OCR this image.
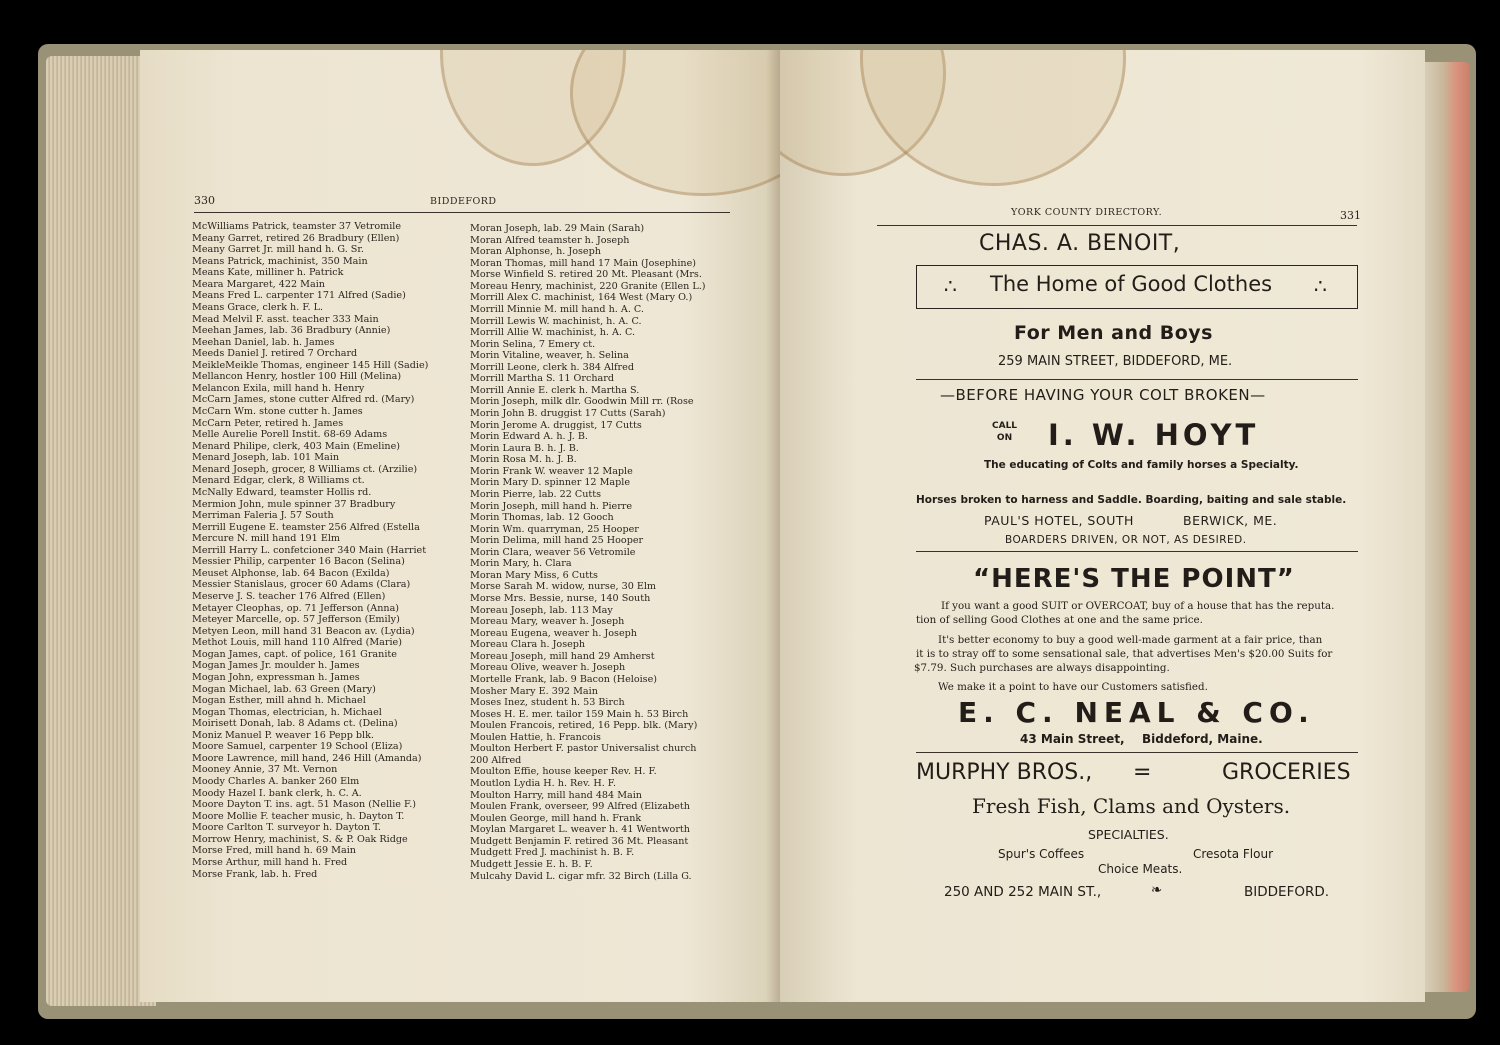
330	BIDDEFORD
McWilliams Patrick, teamster 37 Vetromile
Meany Garret, retired 26 Bradbury (Ellen)
Meany Garret Jr. mill hand h. G. Sr.
Means Patrick, machinist, 350 Main
Means Kate, milliner h. Patrick
Meara Margaret, 422 Main
Means Fred L. carpenter 171 Alfred (Sadie)
Means Grace, clerk h. F. L.
Mead Melvil F. asst. teacher 333 Main
Meehan James, lab. 36 Bradbury (Annie)
Meehan Daniel, lab. h. James
Meeds Daniel J. retired 7 Orchard
MeikleMeikle Thomas, engineer 145 Hill (Sadie)
Mellancon Henry, hostler 100 Hill (Melina)
Melancon Exila, mill hand h. Henry
McCarn James, stone cutter Alfred rd. (Mary)
McCarn Wm. stone cutter h. James
McCarn Peter, retired h. James
Melle Aurelie Porell Instit. 68-69 Adams
Menard Philipe, clerk, 403 Main (Emeline)
Menard Joseph, lab. 101 Main
Menard Joseph, grocer, 8 Williams ct. (Arzilie)
Menard Edgar, clerk, 8 Williams ct.
McNally Edward, teamster Hollis rd.
Mermion John, mule spinner 37 Bradbury
Merriman Faleria J. 57 South
Merrill Eugene E. teamster 256 Alfred (Estella
Mercure N. mill hand 191 Elm
Merrill Harry L. confetcioner 340 Main (Harriet
Messier Philip, carpenter 16 Bacon (Selina)
Meuset Alphonse, lab. 64 Bacon (Exilda)
Messier Stanislaus, grocer 60 Adams (Clara)
Meserve J. S. teacher 176 Alfred (Ellen)
Metayer Cleophas, op. 71 Jefferson (Anna)
Meteyer Marcelle, op. 57 Jefferson (Emily)
Metyen Leon, mill hand 31 Beacon av. (Lydia)
Methot Louis, mill hand 110 Alfred (Marie)
Mogan James, capt. of police, 161 Granite
Mogan James Jr. moulder h. James
Mogan John, expressman h. James
Mogan Michael, lab. 63 Green (Mary)
Mogan Esther, mill ahnd h. Michael
Mogan Thomas, electrician, h. Michael
Moirisett Donah, lab. 8 Adams ct. (Delina)
Moniz Manuel P. weaver 16 Pepp blk.
Moore Samuel, carpenter 19 School (Eliza)
Moore Lawrence, mill hand, 246 Hill (Amanda)
Mooney Annie, 37 Mt. Vernon
Moody Charles A. banker 260 Elm
Moody Hazel I. bank clerk, h. C. A.
Moore Dayton T. ins. agt. 51 Mason (Nellie F.)
Moore Mollie F. teacher music, h. Dayton T.
Moore Carlton T. surveyor h. Dayton T.
Morrow Henry, machinist, S. & P. Oak Ridge
Morse Fred, mill hand h. 69 Main
Morse Arthur, mill hand h. Fred
Morse Frank, lab. h. Fred
Moran Joseph, lab. 29 Main (Sarah)
Moran Alfred teamster h. Joseph
Moran Alphonse, h. Joseph
Moran Thomas, mill hand 17 Main (Josephine)
Morse Winfield S. retired 20 Mt. Pleasant (Mrs.
Moreau Henry, machinist, 220 Granite (Ellen L.)
Morrill Alex C. machinist, 164 West (Mary O.)
Morrill Minnie M. mill hand h. A. C.
Morrill Lewis W. machinist, h. A. C.
Morrill Allie W. machinist, h. A. C.
Morin Selina, 7 Emery ct.
Morin Vitaline, weaver, h. Selina
Morrill Leone, clerk h. 384 Alfred
Morrill Martha S. 11 Orchard
Morrill Annie E. clerk h. Martha S.
Morin Joseph, milk dlr. Goodwin Mill rr. (Rose
Morin John B. druggist 17 Cutts (Sarah)
Morin Jerome A. druggist, 17 Cutts
Morin Edward A. h. J. B.
Morin Laura B. h. J. B.
Morin Rosa M. h. J. B.
Morin Frank W. weaver 12 Maple
Morin Mary D. spinner 12 Maple
Morin Pierre, lab. 22 Cutts
Morin Joseph, mill hand h. Pierre
Morin Thomas, lab. 12 Gooch
Morin Wm. quarryman, 25 Hooper
Morin Delima, mill hand 25 Hooper
Morin Clara, weaver 56 Vetromile
Morin Mary, h. Clara
Moran Mary Miss, 6 Cutts
Morse Sarah M. widow, nurse, 30 Elm
Morse Mrs. Bessie, nurse, 140 South
Moreau Joseph, lab. 113 May
Moreau Mary, weaver h. Joseph
Moreau Eugena, weaver h. Joseph
Moreau Clara h. Joseph
Moreau Joseph, mill hand 29 Amherst
Moreau Olive, weaver h. Joseph
Mortelle Frank, lab. 9 Bacon (Heloise)
Mosher Mary E. 392 Main
Moses Inez, student h. 53 Birch
Moses H. E. mer. tailor 159 Main h. 53 Birch
Moulen Francois, retired, 16 Pepp. blk. (Mary)
Moulen Hattie, h. Francois
Moulton Herbert F. pastor Universalist church
200 Alfred
Moulton Effie, house keeper Rev. H. F.
Moutlon Lydia H. h. Rev. H. F.
Moulton Harry, mill hand 484 Main
Moulen Frank, overseer, 99 Alfred (Elizabeth
Moulen George, mill hand h. Frank
Moylan Margaret L. weaver h. 41 Wentworth
Mudgett Benjamin F. retired 36 Mt. Pleasant
Mudgett Fred J. machinist h. B. F.
Mudgett Jessie E. h. B. F.
Mulcahy David L. cigar mfr. 32 Birch (Lilla G.
YORK COUNTY DIRECTORY.	331
CHAS. A. BENOIT,
∴ The Home of Good Clothes ∴
For Men and Boys
259 MAIN STREET, BIDDEFORD, ME.
—BEFORE HAVING YOUR COLT BROKEN—
CALL
ON I. W. HOYT
The educating of Colts and family horses a Specialty.
Horses broken to harness and Saddle. Boarding, baiting and sale stable.
PAUL'S HOTEL, SOUTH	BERWICK, ME.
BOARDERS DRIVEN, OR NOT, AS DESIRED.
“HERE'S THE POINT”
If you want a good SUIT or OVERCOAT, buy of a house that has the reputa.
tion of selling Good Clothes at one and the same price.
It's better economy to buy a good well-made garment at a fair price, than
it is to stray off to some sensational sale, that advertises Men's $20.00 Suits for
$7.79. Such purchases are always disappointing.
We make it a point to have our Customers satisfied.
E. C. NEAL & CO.
43 Main Street, Biddeford, Maine.
MURPHY BROS., =	GROCERIES
Fresh Fish, Clams and Oysters.
SPECIALTIES.
Spur's Coffees	Cresota Flour
Choice Meats.
250 AND 252 MAIN ST.,	❧	BIDDEFORD.
